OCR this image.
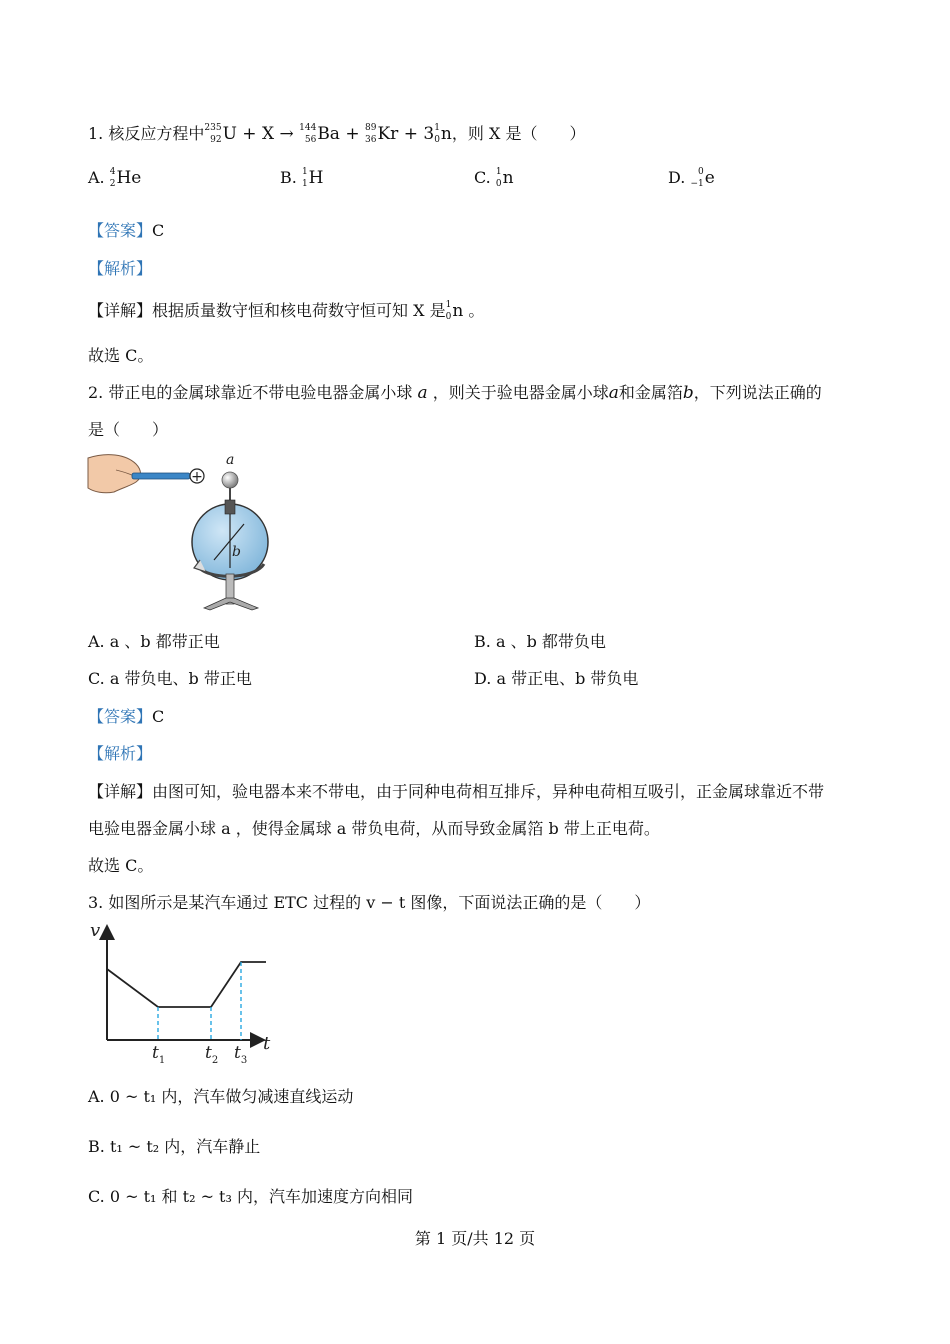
1. 核反应方程中 235
92 U + X → 144
56 Ba + 89
36 Kr + 3 1
0 n，则 X 是（　　）
A. 4
2 He	B. 1
1 H	C. 1
0 n	D.	0
−1 e
【答案】C
【解析】
【详解】根据质量数守恒和核电荷数守恒可知 X 是 1
0 n 。
故选 C。
2. 带正电的金属球靠近不带电验电器金属小球 a ，则关于验电器金属小球a和金属箔b，下列说法正确的
是（　　）
+
a
b
A. a 、b 都带正电	B. a 、b 都带负电
C. a 带负电、b 带正电	D. a 带正电、b 带负电
【答案】C
【解析】
【详解】由图可知，验电器本来不带电，由于同种电荷相互排斥，异种电荷相互吸引，正金属球靠近不带
电验电器金属小球 a ，使得金属球 a 带负电荷，从而导致金属箔 b 带上正电荷。
故选 C。
3. 如图所示是某汽车通过 ETC 过程的 v − t 图像，下面说法正确的是（　　）
v
t
$t_1$ $t_2$ $t_3$
A. 0 ~ t₁ 内，汽车做匀减速直线运动
B. t₁ ~ t₂ 内，汽车静止
C. 0 ~ t₁ 和 t₂ ~ t₃ 内，汽车加速度方向相同
第 1 页/共 12 页
